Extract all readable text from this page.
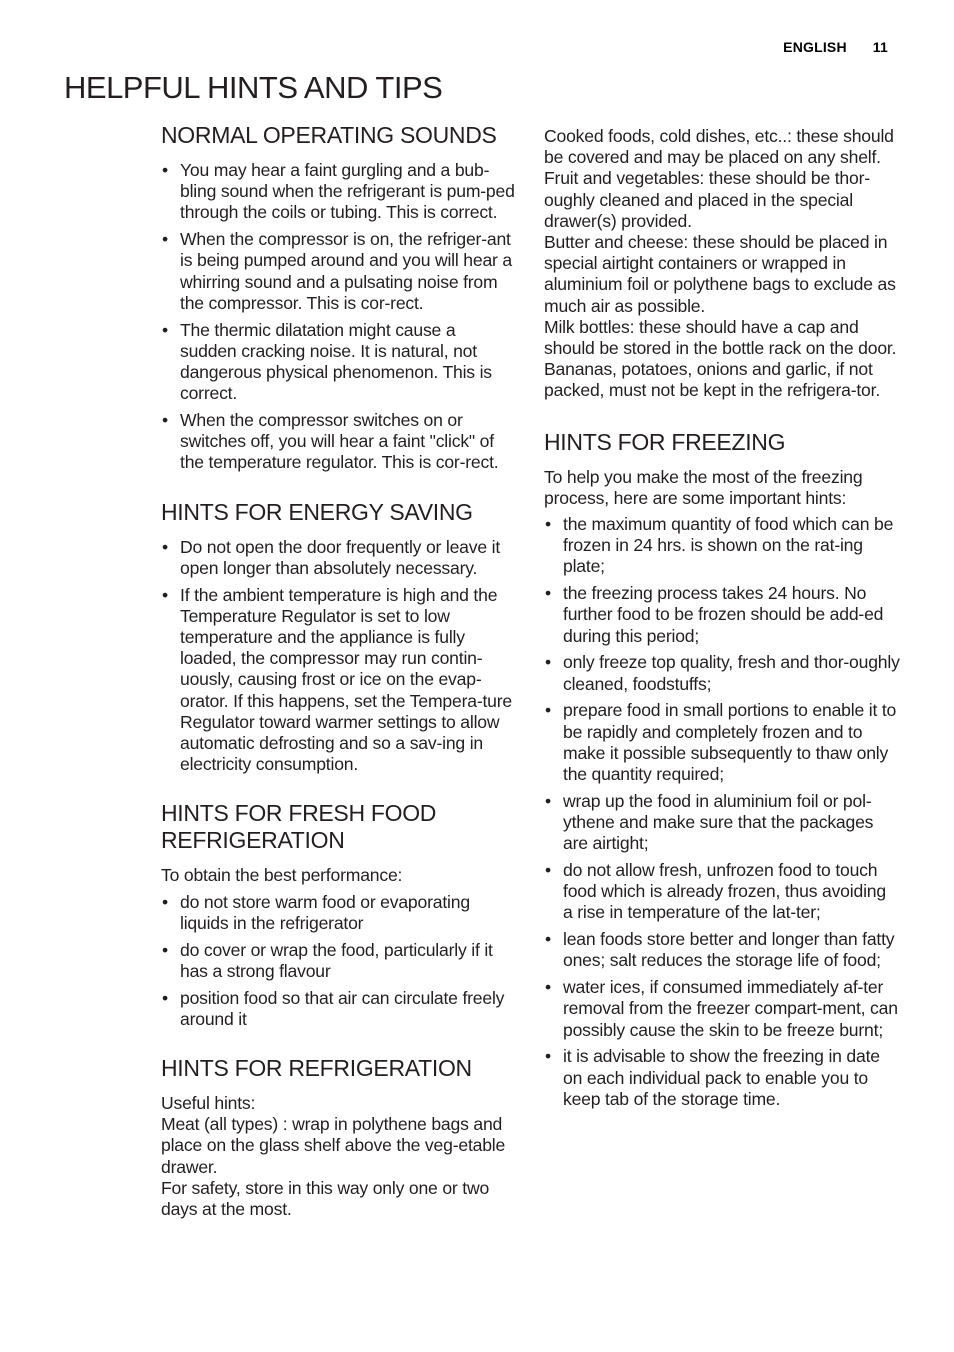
ENGLISH 11
HELPFUL HINTS AND TIPS
NORMAL OPERATING SOUNDS
• You may hear a faint gurgling and a bub-bling sound when the refrigerant is pum-ped through the coils or tubing. This is correct.
• When the compressor is on, the refriger-ant is being pumped around and you will hear a whirring sound and a pulsating noise from the compressor. This is cor-rect.
• The thermic dilatation might cause a sudden cracking noise. It is natural, not dangerous physical phenomenon. This is correct.
• When the compressor switches on or switches off, you will hear a faint "click" of the temperature regulator. This is cor-rect.
HINTS FOR ENERGY SAVING
• Do not open the door frequently or leave it open longer than absolutely necessary.
• If the ambient temperature is high and the Temperature Regulator is set to low temperature and the appliance is fully loaded, the compressor may run contin-uously, causing frost or ice on the evap-orator. If this happens, set the Tempera-ture Regulator toward warmer settings to allow automatic defrosting and so a sav-ing in electricity consumption.
HINTS FOR FRESH FOOD REFRIGERATION

To obtain the best performance:

• do not store warm food or evaporating liquids in the refrigerator
• do cover or wrap the food, particularly if it has a strong flavour
• position food so that air can circulate freely around it
HINTS FOR REFRIGERATION

Useful hints:

Meat (all types) : wrap in polythene bags and place on the glass shelf above the veg-etable drawer.

For safety, store in this way only one or two days at the most.

Cooked foods, cold dishes, etc..: these should be covered and may be placed on any shelf.

Fruit and vegetables: these should be thor-oughly cleaned and placed in the special drawer(s) provided.

Butter and cheese: these should be placed in special airtight containers or wrapped in aluminium foil or polythene bags to exclude as much air as possible.

Milk bottles: these should have a cap and should be stored in the bottle rack on the door.

Bananas, potatoes, onions and garlic, if not packed, must not be kept in the refrigera-tor.

HINTS FOR FREEZING

To help you make the most of the freezing process, here are some important hints:

• the maximum quantity of food which can be frozen in 24 hrs. is shown on the rat-ing plate;
• the freezing process takes 24 hours. No further food to be frozen should be add-ed during this period;
• only freeze top quality, fresh and thor-oughly cleaned, foodstuffs;
• prepare food in small portions to enable it to be rapidly and completely frozen and to make it possible subsequently to thaw only the quantity required;
• wrap up the food in aluminium foil or pol-ythene and make sure that the packages are airtight;
• do not allow fresh, unfrozen food to touch food which is already frozen, thus avoiding a rise in temperature of the lat-ter;
• lean foods store better and longer than fatty ones; salt reduces the storage life of food;
• water ices, if consumed immediately af-ter removal from the freezer compart-ment, can possibly cause the skin to be freeze burnt;
• it is advisable to show the freezing in date on each individual pack to enable you to keep tab of the storage time.
